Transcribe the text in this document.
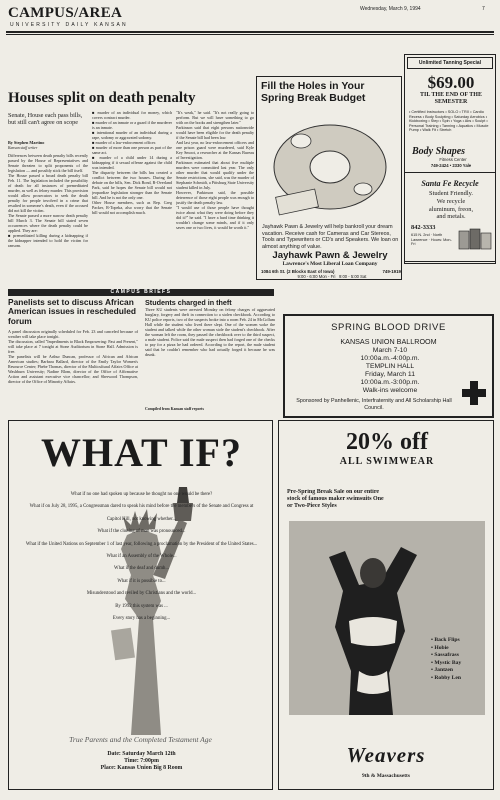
CAMPUS/AREA
UNIVERSITY DAILY KANSAN
Wednesday, March 9, 1994	7
Houses split on death penalty
Senate, House each pass bills, but still can't agree on scope
By Stephen Martino
Kansan staff writer

Differences between death penalty bills recently passed by the House of Representatives and Senate threaten to split proponents of the legislation — and possibly stick the bill itself.

The House passed a broad death penalty bill Feb. 11. The legislation included the possibility of death for all instances of premeditated murder, as well as felony murder. This provision would allow prosecutors to seek the death penalty for people involved in a crime that resulted in someone's death, even if the accused did not kill the victim.

The Senate passed a more narrow death penalty bill March 3. The Senate bill stated seven occurrences where the death penalty could be applied. They are:

■ premeditated killing during a kidnapping if the kidnapper intended to hold the victim for ransom.

■ murder of an individual for money, which covers contract murder.

■ murder of an inmate or a guard if the murderer is an inmate.

■ intentional murder of an individual during a rape, sodomy or aggravated sodomy.

■ murder of a law-enforcement officer.

■ murder of more than one person as part of the same act.

■ murder of a child under 14 during a kidnapping if it sexual offense against the child was intended.

The disparity between the bills has created a conflict between the two houses. During the debate on the bills, Sen. Dick Bond, R-Overland Park, said he hopes the Senate bill would not jeopardize legislation stronger than the Senate bill. And he is not the only one.

Other House members, such as Rep. Greg Packer, R-Topeka, also worry that the Senate bill would not accomplish much.

"It's weak," he said. "It's not really going to perform. But we will have something to go with on the books and strengthen later."

Parkinson said that eight persons nationwide would have been eligible for the death penalty if the Senate bill had been law.

And last year, no law-enforcement officers and one prison guard were murdered, said Kyle Key Smoot, a researcher at the Kansas Bureau of Investigation.

Parkinson estimated that about five multiple murders were committed last year. The only other murder that would qualify under the Senate restrictions, she said, was the murder of Stephanie Schmidt, a Pittsburg State University student killed in July.

However, Parkinson said, the possible deterrence of those eight people was enough to justify the death penalty law.

"I would use of those people have thought twice about what they were doing before they did it?" he said. "I have a hard time thinking it wouldn't change some minds, and if it only saves one or two lives, it would be worth it."

Fill the Holes in Your Spring Break Budget
Jayhawk Pawn & Jewelry will help bankroll your dream vacation. Receive cash for Cameras and Car Stereos, Tools and Typewriters or CD's and Speakers. We loan on almost anything of value.
Jayhawk Pawn & Jewelry
Lawrence's Most Liberal Loan Company
1084 6th St. (2 Blocks East of Iowa)	749-1919
9:00 - 6:00 Mon - Fri 9:00 - 5:00 Sat
Unlimited Tanning Special
$69.00
TIL THE END OF THE SEMESTER
• Certified Instructors • SOLO • TRX • Cardio Recess • Body Sculpting • Saturday Aerobics • Kickboxing • Step • Spin • Yoga • Abs • Sculpt • Personal Training • Tanning • Aquatics • Muscle Pump • Walk Fit • Stretch
Body Shapes
Fitness Center
749-2424 • 2330 Yale
Santa Fe Recycle
Student Friendly.
We recycle
aluminum, freon,
and metals.
842-3333
615 N. 2nd · North Lawrence · Hours: Mon-Fri
CAMPUS BRIEFS
Panelists set to discuss African American issues in rescheduled forum

A panel discussion originally scheduled for Feb. 23 and canceled because of weather will take place tonight.

The discussion, called "Impediments to Black Empowering: Past and Present," will take place at 7 tonight at Stone Auditorium in Stone Hall. Admission is free.

The panelists will be Arthur Duncan, professor of African and African American studies; Barbara Ballard, director of the Emily Taylor Women's Resource Center; Phebe Thomas, director of the Multicultural Affairs Office at Washburn University; Nadine Blom, director of the Office of Affirmative Action and assistant executive vice chancellor; and Sherwood Thompson, director of the Office of Minority Affairs.

Students charged in theft
Three KU students were arrested Monday on felony charges of aggravated burglary, forgery and theft in connection to a stolen checkbook. According to KU police reports, two of the suspects broke into a room Feb. 24 in McCollum Hall while the student who lived there slept. One of the women woke the student and talked while the other woman stole the student's checkbook. After the woman left the room, they passed the checkbook over to the third suspect, a male student. Police said the male suspect then had forged one of the checks to pay for a pizza he had ordered. According to the report, the male student said that he couldn't remember who had actually forged it because he was drunk.
Compiled from Kansan staff reports
SPRING BLOOD DRIVE
KANSAS UNION BALLROOM
March 7-10
10:00a.m.-4:00p.m.
TEMPLIN HALL
Friday, March 11
10:00a.m.-3:00p.m.
Walk-ins welcome
Sponsored by Panhellenic, Interfraternity and All Scholarship Hall Council.
WHAT IF?
What if no one had spoken up because he thought no one would be there?
What if on July 28, 1995, a Congressman dared to speak his mind before the members of the Senate and Congress at Capitol Hill, not knowing whether...
What if the cloning of man was pronounced...
What if the United Nations on September 1 of last year, following a proclamation by the President of the United States...
What if an Assembly of the Whole...
What if the deaf and dumb...
What if it is possible to...
Misunderstood and reviled by Christians and the world...
By 1992 this system was ...
Every story has a beginning...
True Parents and the Completed Testament Age
Date: Saturday March 12th
Time: 7:00pm
Place: Kansas Union Big 8 Room
20% off
ALL SWIMWEAR
Pre-Spring Break Sale on our entire stock of famous maker swimsuits One or Two-Piece Styles
• Back Flips
• Hobie
• Sassafrass
• Mystic Bay
• Jantzen
• Robby Len
Weavers
9th & Massachusetts
